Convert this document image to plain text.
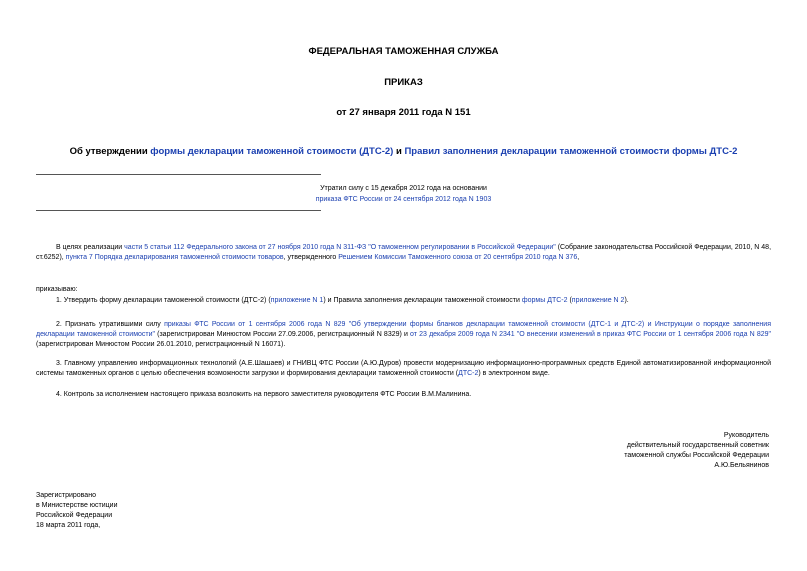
ФЕДЕРАЛЬНАЯ ТАМОЖЕННАЯ СЛУЖБА
ПРИКАЗ
от 27 января 2011 года N 151
Об утверждении формы декларации таможенной стоимости (ДТС-2) и Правил заполнения декларации таможенной стоимости формы ДТС-2
Утратил силу с 15 декабря 2012 года на основании
приказа ФТС России от 24 сентября 2012 года N 1903
В целях реализации части 5 статьи 112 Федерального закона от 27 ноября 2010 года N 311-ФЗ "О таможенном регулировании в Российской Федерации" (Собрание законодательства Российской Федерации, 2010, N 48, ст.6252), пункта 7 Порядка декларирования таможенной стоимости товаров, утвержденного Решением Комиссии Таможенного союза от 20 сентября 2010 года N 376,
приказываю:
1. Утвердить форму декларации таможенной стоимости (ДТС-2) (приложение N 1) и Правила заполнения декларации таможенной стоимости формы ДТС-2 (приложение N 2).
2. Признать утратившими силу приказы ФТС России от 1 сентября 2006 года N 829 "Об утверждении формы бланков декларации таможенной стоимости (ДТС-1 и ДТС-2) и Инструкции о порядке заполнения декларации таможенной стоимости" (зарегистрирован Минюстом России 27.09.2006, регистрационный N 8329) и от 23 декабря 2009 года N 2341 "О внесении изменений в приказ ФТС России от 1 сентября 2006 года N 829" (зарегистрирован Минюстом России 26.01.2010, регистрационный N 16071).
3. Главному управлению информационных технологий (А.Е.Шашаев) и ГНИВЦ ФТС России (А.Ю.Дуров) провести модернизацию информационно-программных средств Единой автоматизированной информационной системы таможенных органов с целью обеспечения возможности загрузки и формирования декларации таможенной стоимости (ДТС-2) в электронном виде.
4. Контроль за исполнением настоящего приказа возложить на первого заместителя руководителя ФТС России В.М.Малинина.
Руководитель
действительный государственный советник
таможенной службы Российской Федерации
А.Ю.Бельянинов
Зарегистрировано
в Министерстве юстиции
Российской Федерации
18 марта 2011 года,
